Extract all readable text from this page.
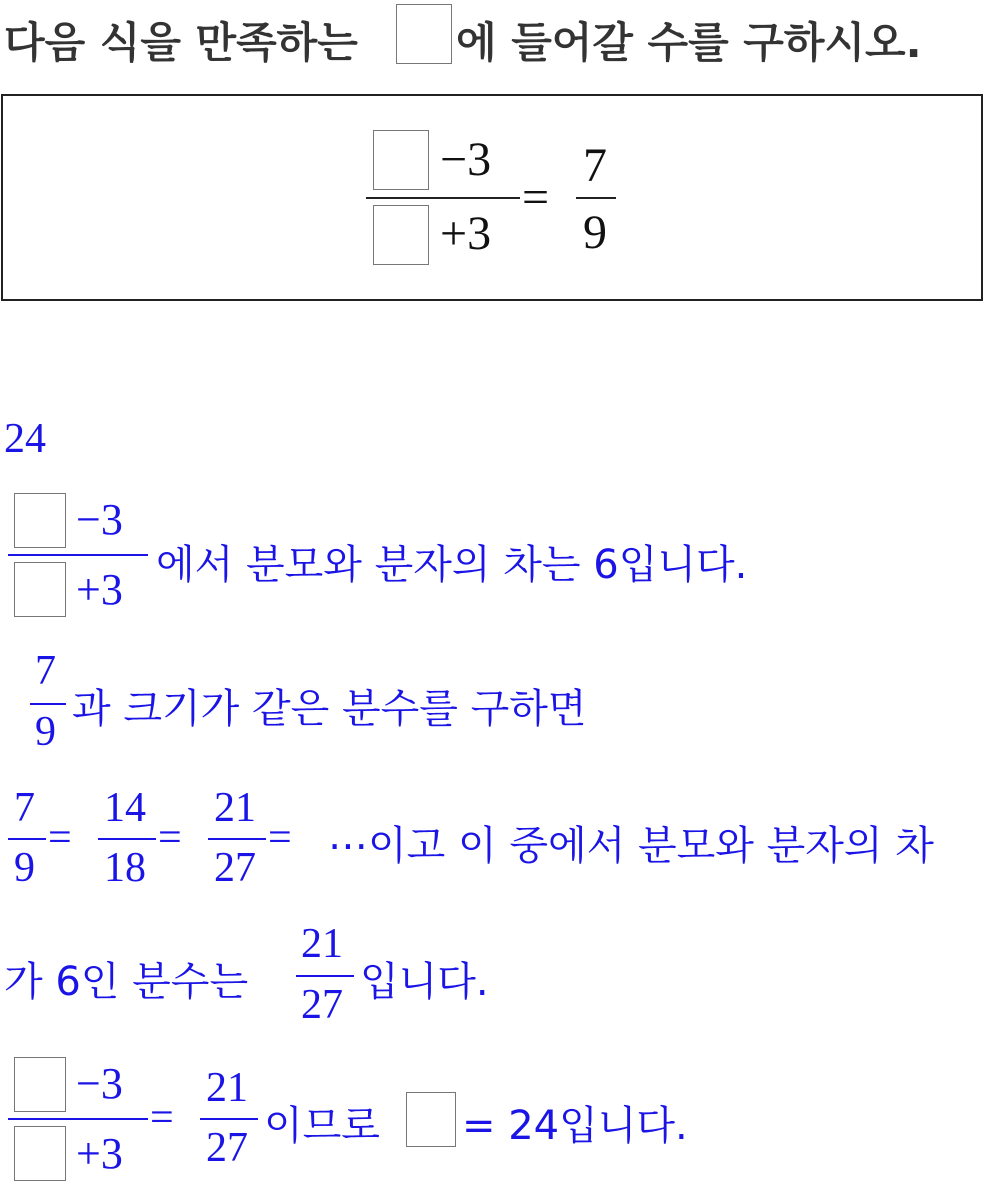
다음 식을 만족하는 에 들어갈 수를 구하시오.
−3
+3
=
7
9
24
−3
+3 에서 분모와 분자의 차는 6입니다.
7
9 과 크기가 같은 분수를 구하면
7
9
=
14
18
=
21
27
= ⋯이고 이 중에서 분모와 분자의 차
가 6인 분수는
21
27 입니다.
−3
+3
=
21
27 이므로 = 24입니다.
